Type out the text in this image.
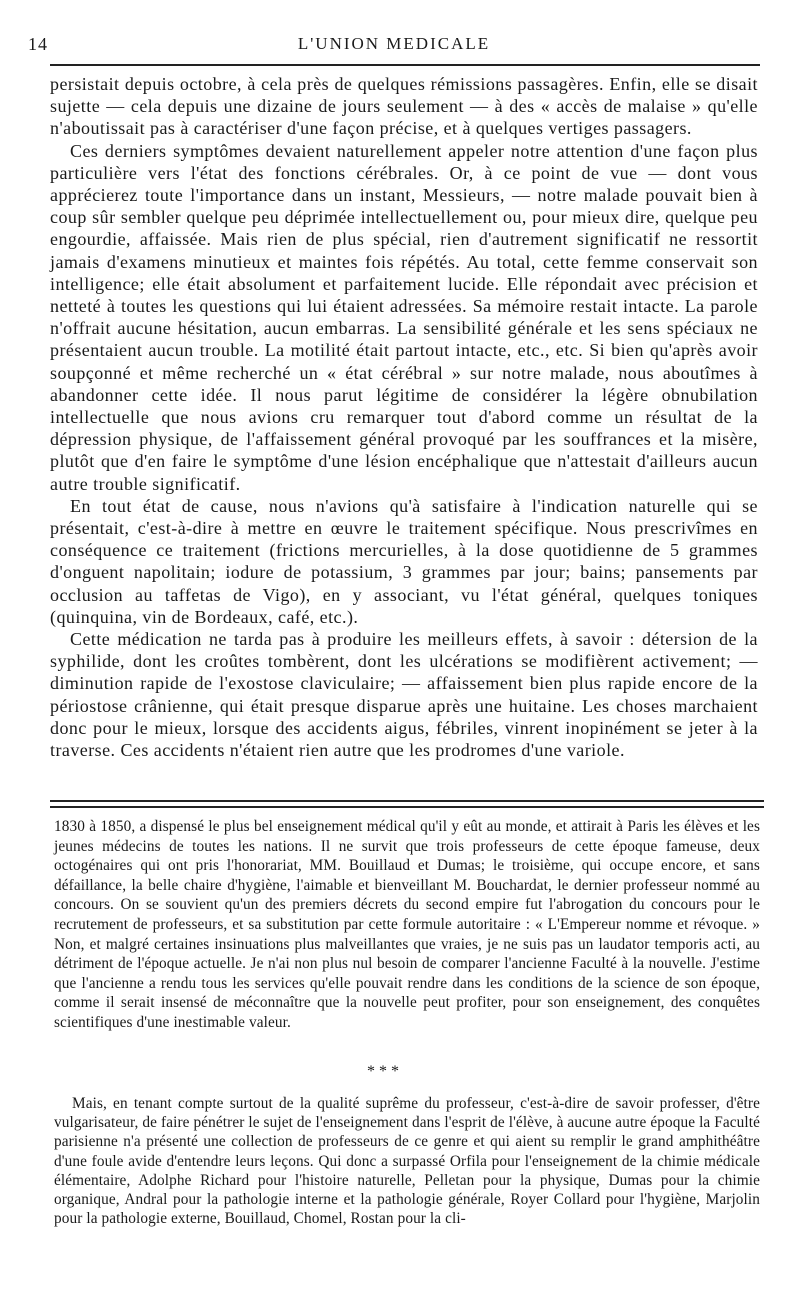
14	L'UNION MEDICALE

persistait depuis octobre, à cela près de quelques rémissions passagères. Enfin, elle se disait sujette — cela depuis une dizaine de jours seulement — à des « accès de malaise » qu'elle n'aboutissait pas à caractériser d'une façon précise, et à quelques vertiges passagers.

Ces derniers symptômes devaient naturellement appeler notre attention d'une façon plus particulière vers l'état des fonctions cérébrales. Or, à ce point de vue — dont vous apprécierez toute l'importance dans un instant, Messieurs, — notre malade pouvait bien à coup sûr sembler quelque peu déprimée intellectuellement ou, pour mieux dire, quelque peu engourdie, affaissée. Mais rien de plus spécial, rien d'autrement significatif ne ressortit jamais d'examens minutieux et maintes fois répétés. Au total, cette femme conservait son intelligence; elle était absolument et parfaitement lucide. Elle répondait avec précision et netteté à toutes les questions qui lui étaient adressées. Sa mémoire restait intacte. La parole n'offrait aucune hésitation, aucun embarras. La sensibilité générale et les sens spéciaux ne présentaient aucun trouble. La motilité était partout intacte, etc., etc. Si bien qu'après avoir soupçonné et même recherché un « état cérébral » sur notre malade, nous aboutîmes à abandonner cette idée. Il nous parut légitime de considérer la légère obnubilation intellectuelle que nous avions cru remarquer tout d'abord comme un résultat de la dépression physique, de l'affaissement général provoqué par les souffrances et la misère, plutôt que d'en faire le symptôme d'une lésion encéphalique que n'attestait d'ailleurs aucun autre trouble significatif.

En tout état de cause, nous n'avions qu'à satisfaire à l'indication naturelle qui se présentait, c'est-à-dire à mettre en œuvre le traitement spécifique. Nous prescrivîmes en conséquence ce traitement (frictions mercurielles, à la dose quotidienne de 5 grammes d'onguent napolitain; iodure de potassium, 3 grammes par jour; bains; pansements par occlusion au taffetas de Vigo), en y associant, vu l'état général, quelques toniques (quinquina, vin de Bordeaux, café, etc.).

Cette médication ne tarda pas à produire les meilleurs effets, à savoir : détersion de la syphilide, dont les croûtes tombèrent, dont les ulcérations se modifièrent activement; — diminution rapide de l'exostose claviculaire; — affaissement bien plus rapide encore de la périostose crânienne, qui était presque disparue après une huitaine. Les choses marchaient donc pour le mieux, lorsque des accidents aigus, fébriles, vinrent inopinément se jeter à la traverse. Ces accidents n'étaient rien autre que les prodromes d'une variole.

1830 à 1850, a dispensé le plus bel enseignement médical qu'il y eût au monde, et attirait à Paris les élèves et les jeunes médecins de toutes les nations. Il ne survit que trois professeurs de cette époque fameuse, deux octogénaires qui ont pris l'honorariat, MM. Bouillaud et Dumas; le troisième, qui occupe encore, et sans défaillance, la belle chaire d'hygiène, l'aimable et bienveillant M. Bouchardat, le dernier professeur nommé au concours. On se souvient qu'un des premiers décrets du second empire fut l'abrogation du concours pour le recrutement de professeurs, et sa substitution par cette formule autoritaire : « L'Empereur nomme et révoque. » Non, et malgré certaines insinuations plus malveillantes que vraies, je ne suis pas un laudator temporis acti, au détriment de l'époque actuelle. Je n'ai non plus nul besoin de comparer l'ancienne Faculté à la nouvelle. J'estime que l'ancienne a rendu tous les services qu'elle pouvait rendre dans les conditions de la science de son époque, comme il serait insensé de méconnaître que la nouvelle peut profiter, pour son enseignement, des conquêtes scientifiques d'une inestimable valeur.

* * *

Mais, en tenant compte surtout de la qualité suprême du professeur, c'est-à-dire de savoir professer, d'être vulgarisateur, de faire pénétrer le sujet de l'enseignement dans l'esprit de l'élève, à aucune autre époque la Faculté parisienne n'a présenté une collection de professeurs de ce genre et qui aient su remplir le grand amphithéâtre d'une foule avide d'entendre leurs leçons. Qui donc a surpassé Orfila pour l'enseignement de la chimie médicale élémentaire, Adolphe Richard pour l'histoire naturelle, Pelletan pour la physique, Dumas pour la chimie organique, Andral pour la pathologie interne et la pathologie générale, Royer Collard pour l'hygiène, Marjolin pour la pathologie externe, Bouillaud, Chomel, Rostan pour la cli-
